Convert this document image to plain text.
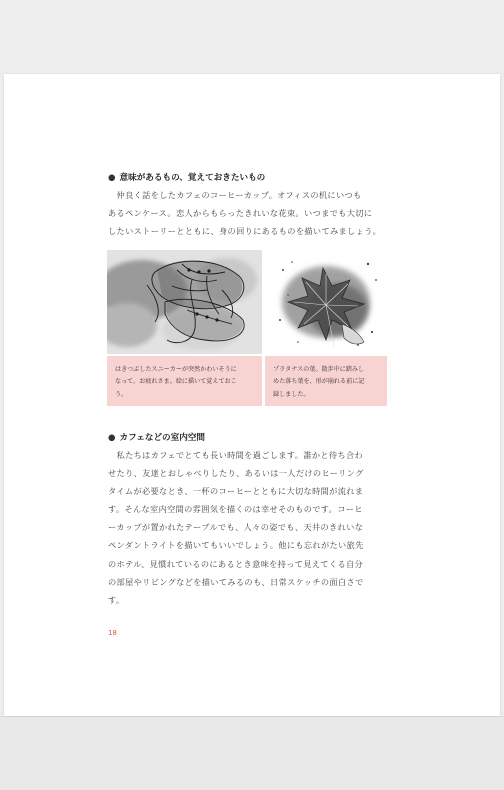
● 意味があるもの、覚えておきたいもの

　仲良く話をしたカフェのコーヒーカップ。オフィスの机にいつも
あるペンケース。恋人からもらったきれいな花束。いつまでも大切に
したいストーリーとともに、身の回りにあるものを描いてみましょう。

はきつぶしたスニーカーが突然かわいそうに
なって。お疲れさま。絵に描いて覚えておこ
う。
プラタナスの葉。散歩中に踏みし
めた落ち葉を、形が崩れる前に記
録しました。
● カフェなどの室内空間

　私たちはカフェでとても長い時間を過ごします。誰かと待ち合わ
せたり、友達とおしゃべりしたり、あるいは一人だけのヒーリング
タイムが必要なとき、一杯のコーヒーとともに大切な時間が流れま
す。そんな室内空間の雰囲気を描くのは幸せそのものです。コーヒ
ーカップが置かれたテーブルでも、人々の姿でも、天井のきれいな
ペンダントライトを描いてもいいでしょう。他にも忘れがたい旅先
のホテル、見慣れているのにあるとき意味を持って見えてくる自分
の部屋やリビングなどを描いてみるのも、日常スケッチの面白さで
す。

18
